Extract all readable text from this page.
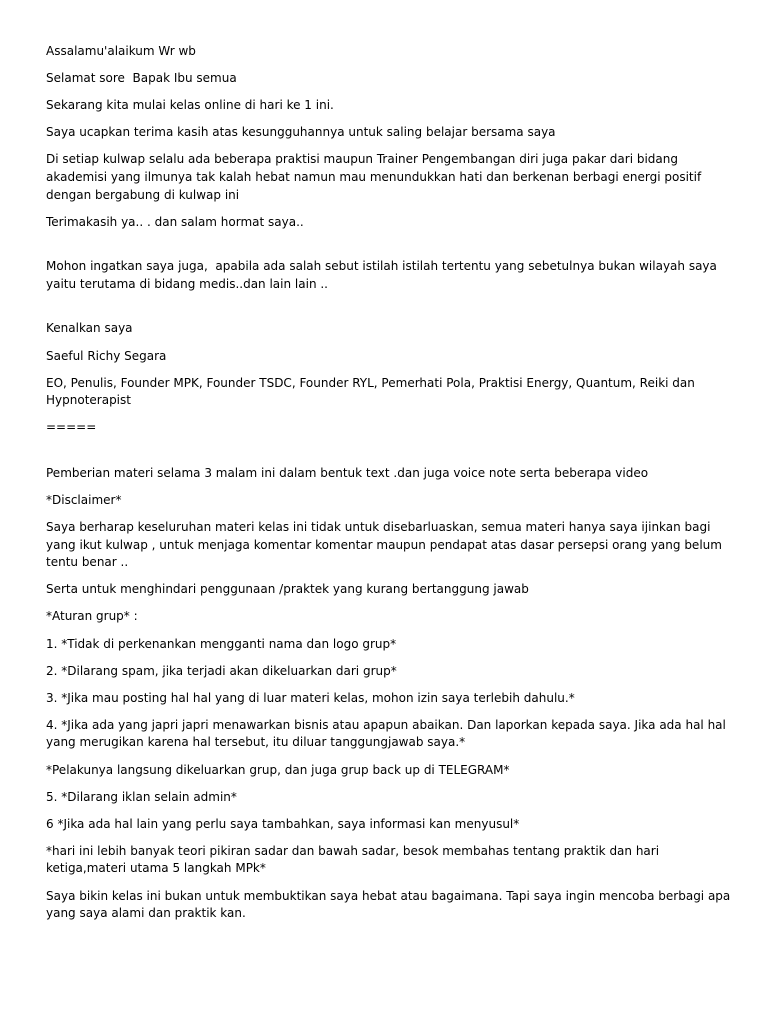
Assalamu'alaikum Wr wb

Selamat sore  Bapak Ibu semua

Sekarang kita mulai kelas online di hari ke 1 ini.

Saya ucapkan terima kasih atas kesungguhannya untuk saling belajar bersama saya

Di setiap kulwap selalu ada beberapa praktisi maupun Trainer Pengembangan diri juga pakar dari bidang akademisi yang ilmunya tak kalah hebat namun mau menundukkan hati dan berkenan berbagi energi positif dengan bergabung di kulwap ini

Terimakasih ya.. . dan salam hormat saya..

Mohon ingatkan saya juga,  apabila ada salah sebut istilah istilah tertentu yang sebetulnya bukan wilayah saya yaitu terutama di bidang medis..dan lain lain ..

Kenalkan saya

Saeful Richy Segara

EO, Penulis, Founder MPK, Founder TSDC, Founder RYL, Pemerhati Pola, Praktisi Energy, Quantum, Reiki dan Hypnoterapist

=====

Pemberian materi selama 3 malam ini dalam bentuk text .dan juga voice note serta beberapa video

*Disclaimer*

Saya berharap keseluruhan materi kelas ini tidak untuk disebarluaskan, semua materi hanya saya ijinkan bagi yang ikut kulwap , untuk menjaga komentar komentar maupun pendapat atas dasar persepsi orang yang belum tentu benar ..

Serta untuk menghindari penggunaan /praktek yang kurang bertanggung jawab

*Aturan grup* :

1. *Tidak di perkenankan mengganti nama dan logo grup*

2. *Dilarang spam, jika terjadi akan dikeluarkan dari grup*

3. *Jika mau posting hal hal yang di luar materi kelas, mohon izin saya terlebih dahulu.*

4. *Jika ada yang japri japri menawarkan bisnis atau apapun abaikan. Dan laporkan kepada saya. Jika ada hal hal yang merugikan karena hal tersebut, itu diluar tanggungjawab saya.*

*Pelakunya langsung dikeluarkan grup, dan juga grup back up di TELEGRAM*

5. *Dilarang iklan selain admin*

6 *Jika ada hal lain yang perlu saya tambahkan, saya informasi kan menyusul*

*hari ini lebih banyak teori pikiran sadar dan bawah sadar, besok membahas tentang praktik dan hari ketiga,materi utama 5 langkah MPk*

Saya bikin kelas ini bukan untuk membuktikan saya hebat atau bagaimana. Tapi saya ingin mencoba berbagi apa yang saya alami dan praktik kan.
